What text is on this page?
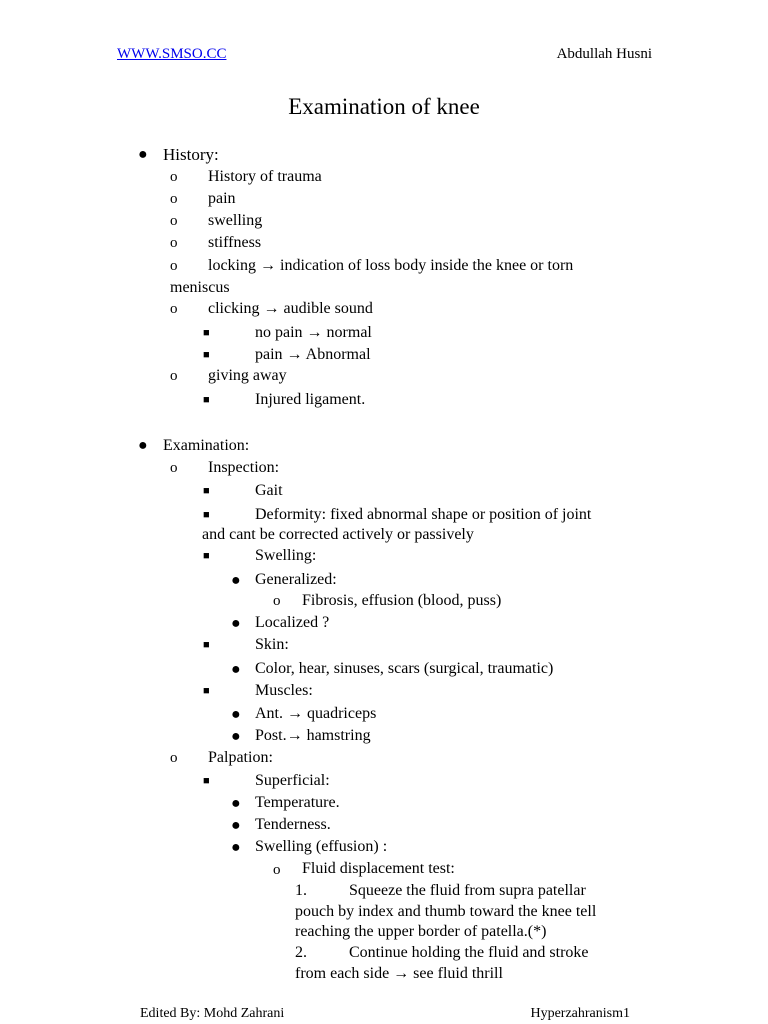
WWW.SMSO.CC	Abdullah Husni
Examination of knee
● History:
o History of trauma
o pain
o swelling
o stiffness
o locking → indication of loss body inside the knee or torn
meniscus
o clicking → audible sound
■	no pain → normal
■	pain → Abnormal
o giving away
■	Injured ligament.
● Examination:
o Inspection:
■	Gait
■	Deformity: fixed abnormal shape or position of joint
and cant be corrected actively or passively
■	Swelling:
● Generalized:
o Fibrosis, effusion (blood, puss)
● Localized ?
■	Skin:
● Color, hear, sinuses, scars (surgical, traumatic)
■	Muscles:
● Ant. → quadriceps
● Post.→ hamstring
o Palpation:
■	Superficial:
● Temperature.
● Tenderness.
● Swelling (effusion) :
o Fluid displacement test:
1.	Squeeze the fluid from supra patellar
pouch by index and thumb toward the knee tell
reaching the upper border of patella.(*)
2.	Continue holding the fluid and stroke
from each side → see fluid thrill
Edited By: Mohd Zahrani	Hyperzahranism1
